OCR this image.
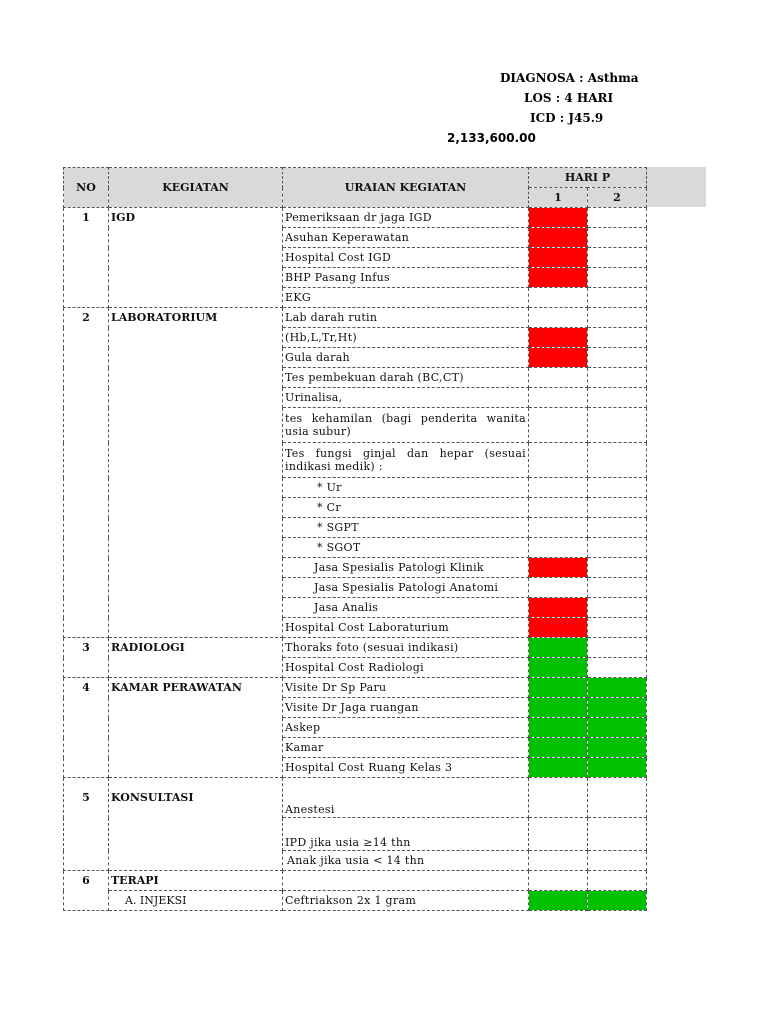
DIAGNOSA : Asthma
LOS : 4 HARI
ICD : J45.9
2,133,600.00
NO	KEGIATAN	URAIAN KEGIATAN	HARI P	
			1	2
1	IGD	Pemeriksaan dr jaga IGD		
		Asuhan Keperawatan		
		Hospital Cost IGD		
		BHP Pasang Infus		
		EKG		
2	LABORATORIUM	Lab darah rutin		
		(Hb,L,Tr,Ht)		
		Gula darah		
		Tes pembekuan darah (BC,CT)		
		Urinalisa,		
		tes kehamilan (bagi penderita wanita usia subur)		
		Tes fungsi ginjal dan hepar (sesuai indikasi medik) :		
		* Ur		
		* Cr		
		* SGPT		
		* SGOT		
		Jasa Spesialis Patologi Klinik		
		Jasa Spesialis Patologi Anatomi		
		Jasa Analis		
		Hospital Cost Laboraturium		
3	RADIOLOGI	Thoraks foto (sesuai indikasi)		
		Hospital Cost Radiologi		
4	KAMAR PERAWATAN	Visite Dr Sp Paru		
		Visite Dr Jaga ruangan		
		Askep		
		Kamar		
		Hospital Cost Ruang Kelas 3		
5	KONSULTASI	Anestesi		
		IPD jika usia ≥14 thn		
		Anak jika usia < 14 thn		
6	TERAPI			
	A. INJEKSI	Ceftriakson 2x 1 gram		
